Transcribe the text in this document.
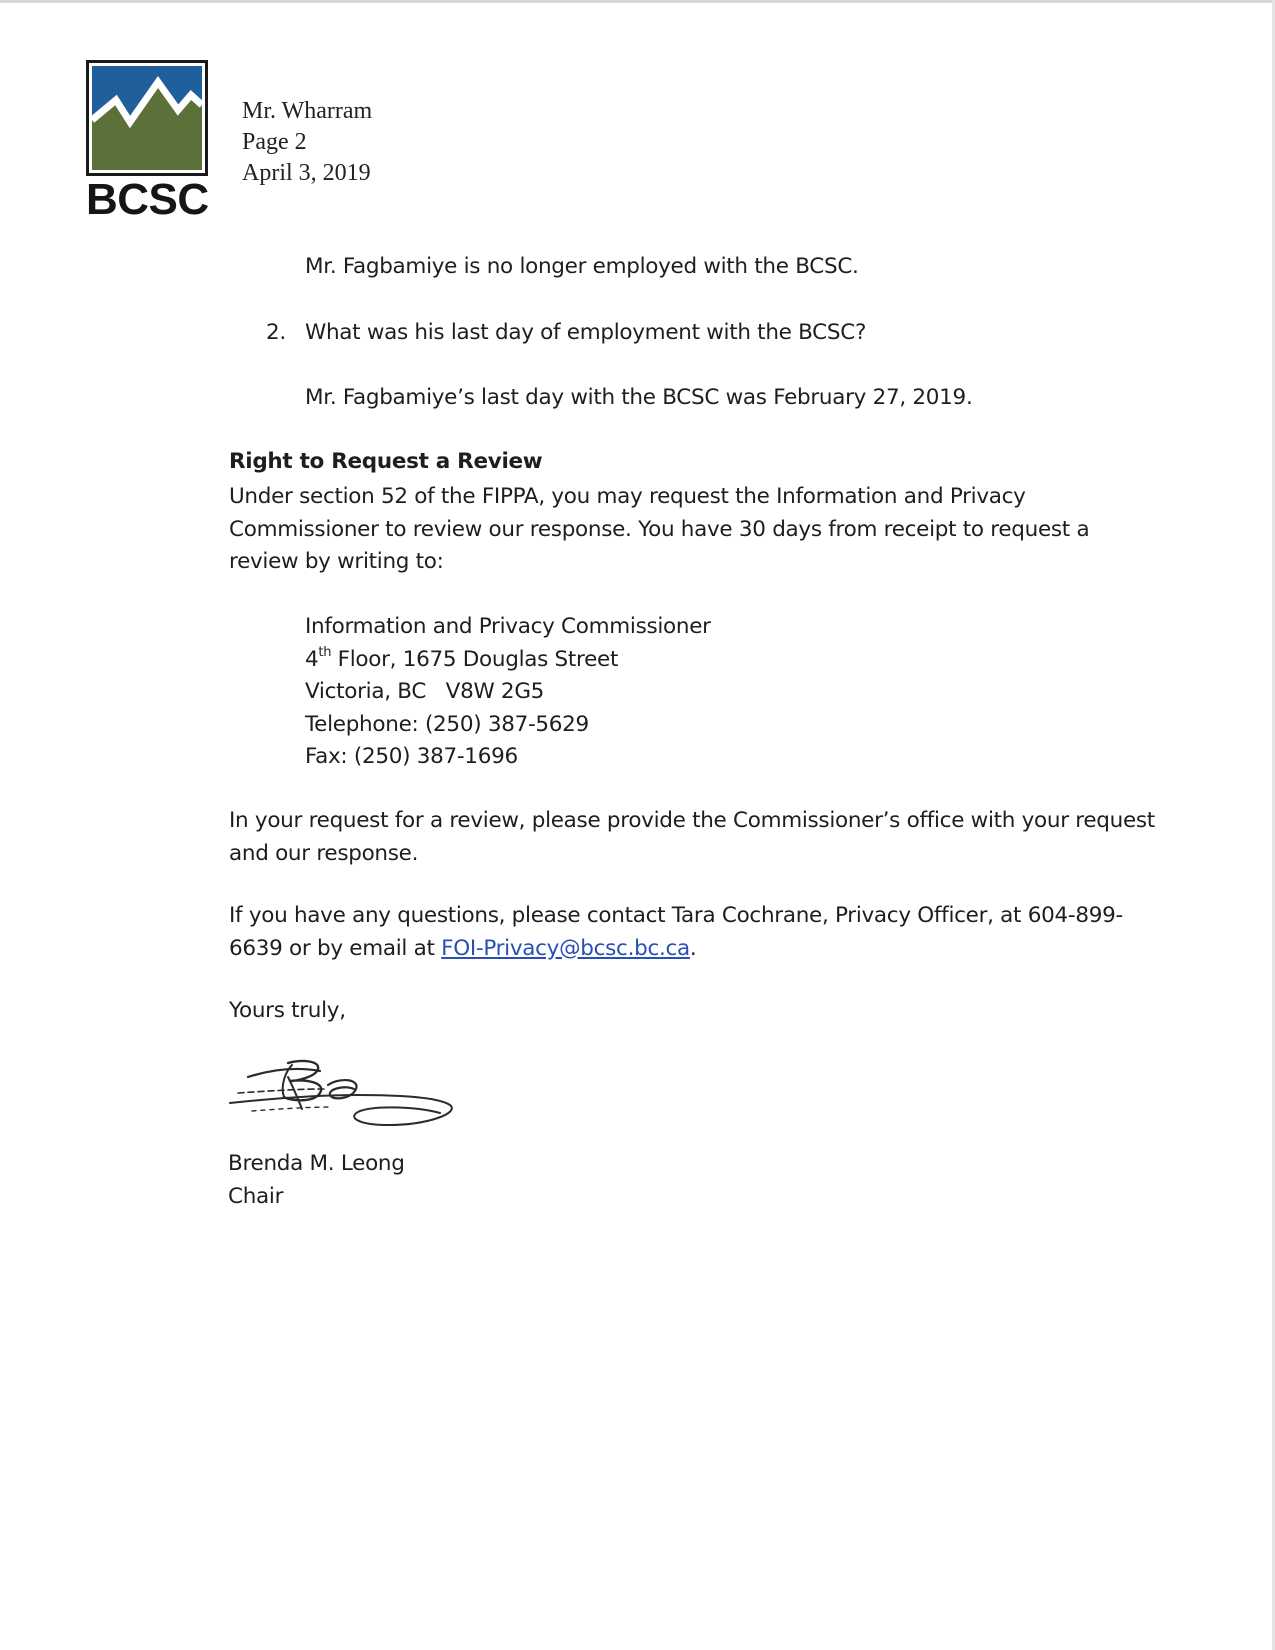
BCSC
Mr. Wharram
Page 2
April 3, 2019
Mr. Fagbamiye is no longer employed with the BCSC.
2. What was his last day of employment with the BCSC?
Mr. Fagbamiye’s last day with the BCSC was February 27, 2019.
Right to Request a Review
Under section 52 of the FIPPA, you may request the Information and Privacy Commissioner to review our response. You have 30 days from receipt to request a review by writing to:
Information and Privacy Commissioner
4th Floor, 1675 Douglas Street
Victoria, BC   V8W 2G5
Telephone: (250) 387-5629
Fax: (250) 387-1696
In your request for a review, please provide the Commissioner’s office with your request and our response.
If you have any questions, please contact Tara Cochrane, Privacy Officer, at 604-899-6639 or by email at FOI-Privacy@bcsc.bc.ca.
Yours truly,
Brenda M. Leong
Chair
